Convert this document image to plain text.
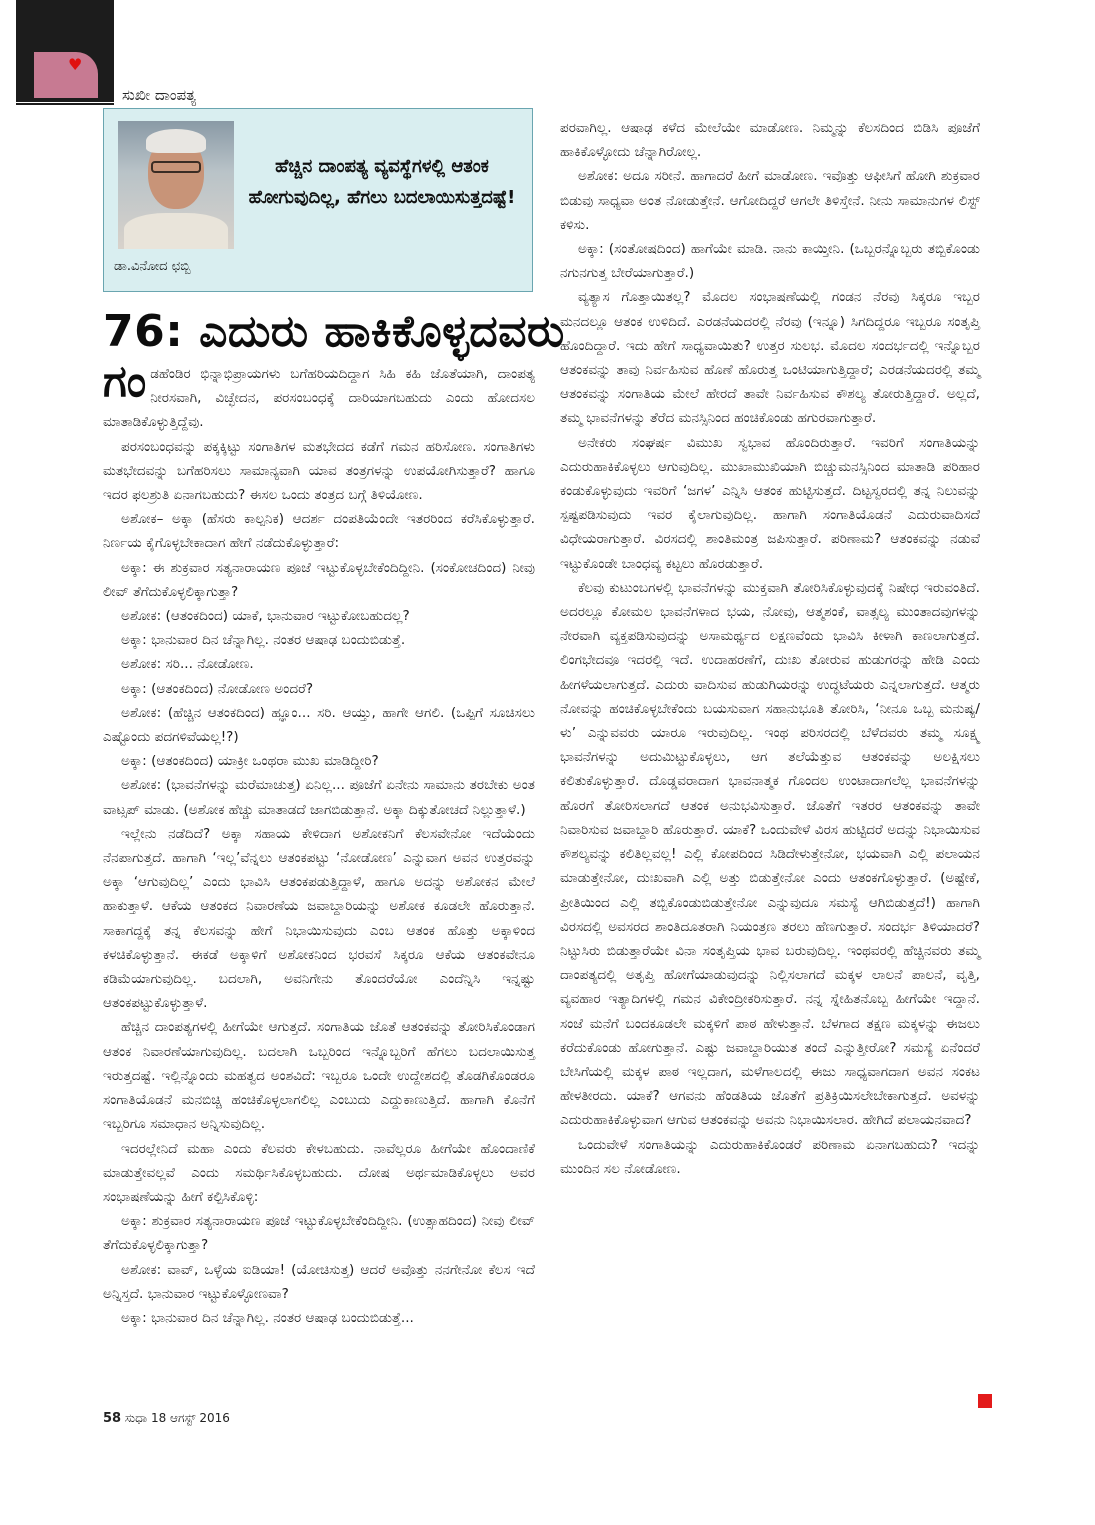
♥
ಸುಖೀ ದಾಂಪತ್ಯ
ಡಾ.ವಿನೋದ ಛಬ್ಬಿ
ಹೆಚ್ಚಿನ ದಾಂಪತ್ಯ ವ್ಯವಸ್ಥೆಗಳಲ್ಲಿ ಆತಂಕ ಹೋಗುವುದಿಲ್ಲ, ಹೆಗಲು ಬದಲಾಯಿಸುತ್ತದಷ್ಟೆ!
76: ಎದುರು ಹಾಕಿಕೊಳ್ಳದವರು

ಗಂಡಹೆಂಡಿರ ಭಿನ್ನಾಭಿಪ್ರಾಯಗಳು ಬಗೆಹರಿಯದಿದ್ದಾಗ ಸಿಹಿ ಕಹಿ ಜೊತೆಯಾಗಿ, ದಾಂಪತ್ಯ ನೀರಸವಾಗಿ, ವಿಚ್ಛೇದನ, ಪರಸಂಬಂಧಕ್ಕೆ ದಾರಿಯಾಗಬಹುದು ಎಂದು ಹೋದಸಲ ಮಾತಾಡಿಕೊಳ್ಳುತ್ತಿದ್ದೆವು.

ಪರಸಂಬಂಧವನ್ನು ಪಕ್ಕಕ್ಕಿಟ್ಟು ಸಂಗಾತಿಗಳ ಮತಭೇದದ ಕಡೆಗೆ ಗಮನ ಹರಿಸೋಣ. ಸಂಗಾತಿಗಳು ಮತಭೇದವನ್ನು ಬಗೆಹರಿಸಲು ಸಾಮಾನ್ಯವಾಗಿ ಯಾವ ತಂತ್ರಗಳನ್ನು ಉಪಯೋಗಿಸುತ್ತಾರೆ? ಹಾಗೂ ಇದರ ಫಲಶ್ರುತಿ ಏನಾಗಬಹುದು? ಈಸಲ ಒಂದು ತಂತ್ರದ ಬಗ್ಗೆ ತಿಳಿಯೋಣ.

ಅಶೋಕ– ಅಕ್ಕಾ (ಹೆಸರು ಕಾಲ್ಪನಿಕ) ಆದರ್ಶ ದಂಪತಿಯೆಂದೇ ಇತರರಿಂದ ಕರೆಸಿಕೊಳ್ಳುತ್ತಾರೆ. ನಿರ್ಣಯ ಕೈಗೊಳ್ಳಬೇಕಾದಾಗ ಹೇಗೆ ನಡೆದುಕೊಳ್ಳುತ್ತಾರೆ:

ಅಕ್ಕಾ: ಈ ಶುಕ್ರವಾರ ಸತ್ಯನಾರಾಯಣ ಪೂಜೆ ಇಟ್ಟುಕೊಳ್ಳಬೇಕೆಂದಿದ್ದೀನಿ. (ಸಂಕೋಚದಿಂದ) ನೀವು ಲೀವ್ ತೆಗೆದುಕೊಳ್ಳಲಿಕ್ಕಾಗುತ್ತಾ?

ಅಶೋಕ: (ಆತಂಕದಿಂದ) ಯಾಕೆ, ಭಾನುವಾರ ಇಟ್ಟುಕೋಬಹುದಲ್ಲ?

ಅಕ್ಕಾ: ಭಾನುವಾರ ದಿನ ಚೆನ್ನಾಗಿಲ್ಲ. ನಂತರ ಆಷಾಢ ಬಂದುಬಿಡುತ್ತೆ.

ಅಶೋಕ: ಸರಿ... ನೋಡೋಣ.

ಅಕ್ಕಾ: (ಆತಂಕದಿಂದ) ನೋಡೋಣ ಅಂದರೆ?

ಅಶೋಕ: (ಹೆಚ್ಚಿನ ಆತಂಕದಿಂದ) ಹ್ಞೂಂ... ಸರಿ. ಆಯ್ತು, ಹಾಗೇ ಆಗಲಿ. (ಒಪ್ಪಿಗೆ ಸೂಚಿಸಲು ಎಷ್ಟೊಂದು ಪದಗಳಿವೆಯಲ್ಲ!?)

ಅಕ್ಕಾ: (ಆತಂಕದಿಂದ) ಯಾಕ್ರೀ ಒಂಥರಾ ಮುಖ ಮಾಡಿದ್ದೀರಿ?

ಅಶೋಕ: (ಭಾವನೆಗಳನ್ನು ಮರೆಮಾಚುತ್ತ) ಏನಿಲ್ಲ... ಪೂಜೆಗೆ ಏನೇನು ಸಾಮಾನು ತರಬೇಕು ಅಂತ ವಾಟ್ಸಪ್ ಮಾಡು. (ಅಶೋಕ ಹೆಚ್ಚು ಮಾತಾಡದೆ ಜಾಗಬಿಡುತ್ತಾನೆ. ಅಕ್ಕಾ ದಿಕ್ಕುತೋಚದೆ ನಿಲ್ಲುತ್ತಾಳೆ.)

ಇಲ್ಲೇನು ನಡೆದಿದೆ? ಅಕ್ಕಾ ಸಹಾಯ ಕೇಳಿದಾಗ ಅಶೋಕನಿಗೆ ಕೆಲಸವೇನೋ ಇದೆಯೆಂದು ನೆನಪಾಗುತ್ತದೆ. ಹಾಗಾಗಿ ‘ಇಲ್ಲ’ವೆನ್ನಲು ಆತಂಕಪಟ್ಟು ‘ನೋಡೋಣ’ ಎನ್ನುವಾಗ ಅವನ ಉತ್ತರವನ್ನು ಅಕ್ಕಾ ‘ಆಗುವುದಿಲ್ಲ’ ಎಂದು ಭಾವಿಸಿ ಆತಂಕಪಡುತ್ತಿದ್ದಾಳೆ, ಹಾಗೂ ಅದನ್ನು ಅಶೋಕನ ಮೇಲೆ ಹಾಕುತ್ತಾಳೆ. ಆಕೆಯ ಆತಂಕದ ನಿವಾರಣೆಯ ಜವಾಬ್ದಾರಿಯನ್ನು ಅಶೋಕ ಕೂಡಲೇ ಹೊರುತ್ತಾನೆ. ಸಾಕಾಗದ್ದಕ್ಕೆ ತನ್ನ ಕೆಲಸವನ್ನು ಹೇಗೆ ನಿಭಾಯಿಸುವುದು ಎಂಬ ಆತಂಕ ಹೊತ್ತು ಅಕ್ಕಾಳಿಂದ ಕಳಚಿಕೊಳ್ಳುತ್ತಾನೆ. ಈಕಡೆ ಅಕ್ಕಾಳಿಗೆ ಅಶೋಕನಿಂದ ಭರವಸೆ ಸಿಕ್ಕರೂ ಆಕೆಯ ಆತಂಕವೇನೂ ಕಡಿಮೆಯಾಗುವುದಿಲ್ಲ. ಬದಲಾಗಿ, ಅವನಿಗೇನು ತೊಂದರೆಯೋ ಎಂದೆನ್ನಿಸಿ ಇನ್ನಷ್ಟು ಆತಂಕಪಟ್ಟುಕೊಳ್ಳುತ್ತಾಳೆ.

ಹೆಚ್ಚಿನ ದಾಂಪತ್ಯಗಳಲ್ಲಿ ಹೀಗೆಯೇ ಆಗುತ್ತದೆ. ಸಂಗಾತಿಯ ಜೊತೆ ಆತಂಕವನ್ನು ತೋರಿಸಿಕೊಂಡಾಗ ಆತಂಕ ನಿವಾರಣೆಯಾಗುವುದಿಲ್ಲ. ಬದಲಾಗಿ ಒಬ್ಬರಿಂದ ಇನ್ನೊಬ್ಬರಿಗೆ ಹೆಗಲು ಬದಲಾಯಿಸುತ್ತ ಇರುತ್ತದಷ್ಟೆ. ಇಲ್ಲಿನ್ನೊಂದು ಮಹತ್ವದ ಅಂಶವಿದೆ: ಇಬ್ಬರೂ ಒಂದೇ ಉದ್ದೇಶದಲ್ಲಿ ತೊಡಗಿಕೊಂಡರೂ ಸಂಗಾತಿಯೊಡನೆ ಮನಬಿಚ್ಚಿ ಹಂಚಿಕೊಳ್ಳಲಾಗಲಿಲ್ಲ ಎಂಬುದು ಎದ್ದುಕಾಣುತ್ತಿದೆ. ಹಾಗಾಗಿ ಕೊನೆಗೆ ಇಬ್ಬರಿಗೂ ಸಮಾಧಾನ ಅನ್ನಿಸುವುದಿಲ್ಲ.

ಇದರಲ್ಲೇನಿದೆ ಮಹಾ ಎಂದು ಕೆಲವರು ಕೇಳಬಹುದು. ನಾವೆಲ್ಲರೂ ಹೀಗೆಯೇ ಹೊಂದಾಣಿಕೆ ಮಾಡುತ್ತೇವಲ್ಲವೆ ಎಂದು ಸಮರ್ಥಿಸಿಕೊಳ್ಳಬಹುದು. ದೋಷ ಅರ್ಥಮಾಡಿಕೊಳ್ಳಲು ಅವರ ಸಂಭಾಷಣೆಯನ್ನು ಹೀಗೆ ಕಲ್ಪಿಸಿಕೊಳ್ಳಿ:

ಅಕ್ಕಾ: ಶುಕ್ರವಾರ ಸತ್ಯನಾರಾಯಣ ಪೂಜೆ ಇಟ್ಟುಕೊಳ್ಳಬೇಕೆಂದಿದ್ದೀನಿ. (ಉತ್ಸಾಹದಿಂದ) ನೀವು ಲೀವ್ ತೆಗೆದುಕೊಳ್ಳಲಿಕ್ಕಾಗುತ್ತಾ?

ಅಶೋಕ: ವಾವ್, ಒಳ್ಳೆಯ ಐಡಿಯಾ! (ಯೋಚಿಸುತ್ತ) ಆದರೆ ಅವೊತ್ತು ನನಗೇನೋ ಕೆಲಸ ಇದೆ ಅನ್ನಿಸ್ತದೆ. ಭಾನುವಾರ ಇಟ್ಟುಕೊಳ್ಳೋಣವಾ?

ಅಕ್ಕಾ: ಭಾನುವಾರ ದಿನ ಚೆನ್ನಾಗಿಲ್ಲ. ನಂತರ ಆಷಾಢ ಬಂದುಬಿಡುತ್ತೆ...

ಪರವಾಗಿಲ್ಲ. ಆಷಾಢ ಕಳೆದ ಮೇಲೆಯೇ ಮಾಡೋಣ. ನಿಮ್ಮನ್ನು ಕೆಲಸದಿಂದ ಬಿಡಿಸಿ ಪೂಜೆಗೆ ಹಾಕಿಕೊಳ್ಳೋದು ಚೆನ್ನಾಗಿರೋಲ್ಲ.

ಅಶೋಕ: ಅದೂ ಸರೀನೆ. ಹಾಗಾದರೆ ಹೀಗೆ ಮಾಡೋಣ. ಇವೊತ್ತು ಆಫೀಸಿಗೆ ಹೋಗಿ ಶುಕ್ರವಾರ ಬಿಡುವು ಸಾಧ್ಯವಾ ಅಂತ ನೋಡುತ್ತೇನೆ. ಆಗೋದಿದ್ದರೆ ಆಗಲೇ ತಿಳಿಸ್ತೇನೆ. ನೀನು ಸಾಮಾನುಗಳ ಲಿಸ್ಟ್ ಕಳಿಸು.

ಅಕ್ಕಾ: (ಸಂತೋಷದಿಂದ) ಹಾಗೆಯೇ ಮಾಡಿ. ನಾನು ಕಾಯ್ತೀನಿ. (ಒಬ್ಬರನ್ನೊಬ್ಬರು ತಬ್ಬಿಕೊಂಡು ನಗುನಗುತ್ತ ಬೇರೆಯಾಗುತ್ತಾರೆ.)

ವ್ಯತ್ಯಾಸ ಗೊತ್ತಾಯಿತಲ್ಲ? ಮೊದಲ ಸಂಭಾಷಣೆಯಲ್ಲಿ ಗಂಡನ ನೆರವು ಸಿಕ್ಕರೂ ಇಬ್ಬರ ಮನದಲ್ಲೂ ಆತಂಕ ಉಳಿದಿದೆ. ಎರಡನೆಯದರಲ್ಲಿ ನೆರವು (ಇನ್ನೂ) ಸಿಗದಿದ್ದರೂ ಇಬ್ಬರೂ ಸಂತೃಪ್ತಿ ಹೊಂದಿದ್ದಾರೆ. ಇದು ಹೇಗೆ ಸಾಧ್ಯವಾಯಿತು? ಉತ್ತರ ಸುಲಭ. ಮೊದಲ ಸಂದರ್ಭದಲ್ಲಿ ಇನ್ನೊಬ್ಬರ ಆತಂಕವನ್ನು ತಾವು ನಿರ್ವಹಿಸುವ ಹೊಣೆ ಹೊರುತ್ತ ಒಂಟಿಯಾಗುತ್ತಿದ್ದಾರೆ; ಎರಡನೆಯದರಲ್ಲಿ ತಮ್ಮ ಆತಂಕವನ್ನು ಸಂಗಾತಿಯ ಮೇಲೆ ಹೇರದೆ ತಾವೇ ನಿರ್ವಹಿಸುವ ಕೌಶಲ್ಯ ತೋರುತ್ತಿದ್ದಾರೆ. ಅಲ್ಲದೆ, ತಮ್ಮ ಭಾವನೆಗಳನ್ನು ತೆರೆದ ಮನಸ್ಸಿನಿಂದ ಹಂಚಿಕೊಂಡು ಹಗುರವಾಗುತ್ತಾರೆ.

ಅನೇಕರು ಸಂಘರ್ಷ ವಿಮುಖ ಸ್ವಭಾವ ಹೊಂದಿರುತ್ತಾರೆ. ಇವರಿಗೆ ಸಂಗಾತಿಯನ್ನು ಎದುರುಹಾಕಿಕೊಳ್ಳಲು ಆಗುವುದಿಲ್ಲ. ಮುಖಾಮುಖಿಯಾಗಿ ಬಿಚ್ಚುಮನಸ್ಸಿನಿಂದ ಮಾತಾಡಿ ಪರಿಹಾರ ಕಂಡುಕೊಳ್ಳುವುದು ಇವರಿಗೆ ‘ಜಗಳ’ ಎನ್ನಿಸಿ ಆತಂಕ ಹುಟ್ಟಿಸುತ್ತದೆ. ದಿಟ್ಟಸ್ವರದಲ್ಲಿ ತನ್ನ ನಿಲುವನ್ನು ಸ್ಪಷ್ಟಪಡಿಸುವುದು ಇವರ ಕೈಲಾಗುವುದಿಲ್ಲ. ಹಾಗಾಗಿ ಸಂಗಾತಿಯೊಡನೆ ಎದುರುವಾದಿಸದೆ ವಿಧೇಯರಾಗುತ್ತಾರೆ. ವಿರಸದಲ್ಲಿ ಶಾಂತಿಮಂತ್ರ ಜಪಿಸುತ್ತಾರೆ. ಪರಿಣಾಮ? ಆತಂಕವನ್ನು ನಡುವೆ ಇಟ್ಟುಕೊಂಡೇ ಬಾಂಧವ್ಯ ಕಟ್ಟಲು ಹೊರಡುತ್ತಾರೆ.

ಕೆಲವು ಕುಟುಂಬಗಳಲ್ಲಿ ಭಾವನೆಗಳನ್ನು ಮುಕ್ತವಾಗಿ ತೋರಿಸಿಕೊಳ್ಳುವುದಕ್ಕೆ ನಿಷೇಧ ಇರುವಂತಿದೆ. ಅದರಲ್ಲೂ ಕೋಮಲ ಭಾವನೆಗಳಾದ ಭಯ, ನೋವು, ಆತ್ಮಶಂಕೆ, ವಾತ್ಸಲ್ಯ ಮುಂತಾದವುಗಳನ್ನು ನೇರವಾಗಿ ವ್ಯಕ್ತಪಡಿಸುವುದನ್ನು ಅಸಾಮರ್ಥ್ಯದ ಲಕ್ಷಣವೆಂದು ಭಾವಿಸಿ ಕೀಳಾಗಿ ಕಾಣಲಾಗುತ್ತದೆ. ಲಿಂಗಭೇದವೂ ಇದರಲ್ಲಿ ಇದೆ. ಉದಾಹರಣೆಗೆ, ದುಃಖ ತೋರುವ ಹುಡುಗರನ್ನು ಹೇಡಿ ಎಂದು ಹೀಗಳೆಯಲಾಗುತ್ತದೆ. ಎದುರು ವಾದಿಸುವ ಹುಡುಗಿಯರನ್ನು ಉದ್ಧಟೆಯರು ಎನ್ನಲಾಗುತ್ತದೆ. ಆತ್ಮರು ನೋವನ್ನು ಹಂಚಿಕೊಳ್ಳಬೇಕೆಂದು ಬಯಸುವಾಗ ಸಹಾನುಭೂತಿ ತೋರಿಸಿ, ‘ನೀನೂ ಒಬ್ಬ ಮನುಷ್ಯ/ಳು’ ಎನ್ನುವವರು ಯಾರೂ ಇರುವುದಿಲ್ಲ. ಇಂಥ ಪರಿಸರದಲ್ಲಿ ಬೆಳೆದವರು ತಮ್ಮ ಸೂಕ್ಷ್ಮ ಭಾವನೆಗಳನ್ನು ಅದುಮಿಟ್ಟುಕೊಳ್ಳಲು, ಆಗ ತಲೆಯೆತ್ತುವ ಆತಂಕವನ್ನು ಅಲಕ್ಷಿಸಲು ಕಲಿತುಕೊಳ್ಳುತ್ತಾರೆ. ದೊಡ್ಡವರಾದಾಗ ಭಾವನಾತ್ಮಕ ಗೊಂದಲ ಉಂಟಾದಾಗಲೆಲ್ಲ ಭಾವನೆಗಳನ್ನು ಹೊರಗೆ ತೋರಿಸಲಾಗದೆ ಆತಂಕ ಅನುಭವಿಸುತ್ತಾರೆ. ಜೊತೆಗೆ ಇತರರ ಆತಂಕವನ್ನು ತಾವೇ ನಿವಾರಿಸುವ ಜವಾಬ್ದಾರಿ ಹೊರುತ್ತಾರೆ. ಯಾಕೆ? ಒಂದುವೇಳೆ ವಿರಸ ಹುಟ್ಟಿದರೆ ಅದನ್ನು ನಿಭಾಯಿಸುವ ಕೌಶಲ್ಯವನ್ನು ಕಲಿತಿಲ್ಲವಲ್ಲ! ಎಲ್ಲಿ ಕೋಪದಿಂದ ಸಿಡಿದೇಳುತ್ತೇನೋ, ಭಯವಾಗಿ ಎಲ್ಲಿ ಪಲಾಯನ ಮಾಡುತ್ತೇನೋ, ದುಃಖವಾಗಿ ಎಲ್ಲಿ ಅತ್ತು ಬಿಡುತ್ತೇನೋ ಎಂದು ಆತಂಕಗೊಳ್ಳುತ್ತಾರೆ. (ಅಷ್ಟೇಕೆ, ಪ್ರೀತಿಯಿಂದ ಎಲ್ಲಿ ತಬ್ಬಿಕೊಂಡುಬಿಡುತ್ತೇನೋ ಎನ್ನುವುದೂ ಸಮಸ್ಯೆ ಆಗಿಬಿಡುತ್ತದೆ!) ಹಾಗಾಗಿ ವಿರಸದಲ್ಲಿ ಅವಸರದ ಶಾಂತಿದೂತರಾಗಿ ನಿಯಂತ್ರಣ ತರಲು ಹೆಣಗುತ್ತಾರೆ. ಸಂದರ್ಭ ತಿಳಿಯಾದರೆ? ನಿಟ್ಟುಸಿರು ಬಿಡುತ್ತಾರೆಯೇ ವಿನಾ ಸಂತೃಪ್ತಿಯ ಭಾವ ಬರುವುದಿಲ್ಲ. ಇಂಥವರಲ್ಲಿ ಹೆಚ್ಚಿನವರು ತಮ್ಮ ದಾಂಪತ್ಯದಲ್ಲಿ ಅತೃಪ್ತಿ ಹೋಗೆಯಾಡುವುದನ್ನು ನಿಲ್ಲಿಸಲಾಗದೆ ಮಕ್ಕಳ ಲಾಲನೆ ಪಾಲನೆ, ವೃತ್ತಿ, ವ್ಯವಹಾರ ಇತ್ಯಾದಿಗಳಲ್ಲಿ ಗಮನ ವಿಕೇಂದ್ರೀಕರಿಸುತ್ತಾರೆ. ನನ್ನ ಸ್ನೇಹಿತನೊಬ್ಬ ಹೀಗೆಯೇ ಇದ್ದಾನೆ. ಸಂಜೆ ಮನೆಗೆ ಬಂದಕೂಡಲೇ ಮಕ್ಕಳಿಗೆ ಪಾಠ ಹೇಳುತ್ತಾನೆ. ಬೆಳಗಾದ ತಕ್ಷಣ ಮಕ್ಕಳನ್ನು ಈಜಲು ಕರೆದುಕೊಂಡು ಹೋಗುತ್ತಾನೆ. ಎಷ್ಟು ಜವಾಬ್ದಾರಿಯುತ ತಂದೆ ಎನ್ನುತ್ತೀರೋ? ಸಮಸ್ಯೆ ಏನೆಂದರೆ ಬೇಸಿಗೆಯಲ್ಲಿ ಮಕ್ಕಳ ಪಾಠ ಇಲ್ಲದಾಗ, ಮಳೆಗಾಲದಲ್ಲಿ ಈಜು ಸಾಧ್ಯವಾಗದಾಗ ಅವನ ಸಂಕಟ ಹೇಳತೀರದು. ಯಾಕೆ? ಆಗವನು ಹೆಂಡತಿಯ ಜೊತೆಗೆ ಪ್ರತಿಕ್ರಿಯಿಸಲೇಬೇಕಾಗುತ್ತದೆ. ಅವಳನ್ನು ಎದುರುಹಾಕಿಕೊಳ್ಳುವಾಗ ಆಗುವ ಆತಂಕವನ್ನು ಅವನು ನಿಭಾಯಿಸಲಾರ. ಹೇಗಿದೆ ಪಲಾಯನವಾದ?

ಒಂದುವೇಳೆ ಸಂಗಾತಿಯನ್ನು ಎದುರುಹಾಕಿಕೊಂಡರೆ ಪರಿಣಾಮ ಏನಾಗಬಹುದು? ಇದನ್ನು ಮುಂದಿನ ಸಲ ನೋಡೋಣ.

58 ಸುಧಾ 18 ಆಗಸ್ಟ್ 2016
